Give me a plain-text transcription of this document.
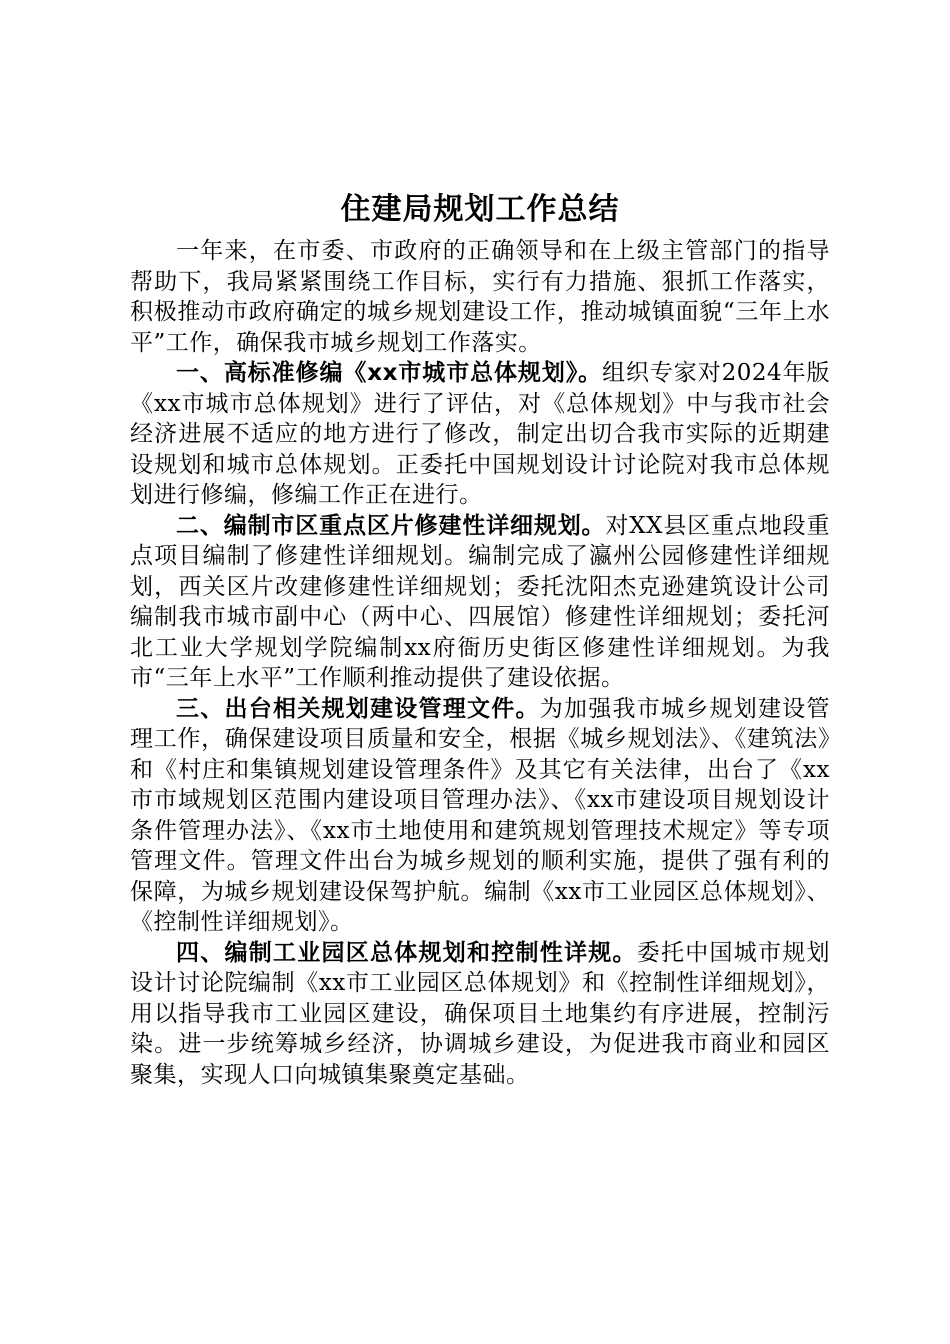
住建局规划工作总结

一年来，在市委、市政府的正确领导和在上级主管部门的指导帮助下，我局紧紧围绕工作目标，实行有力措施、狠抓工作落实，积极推动市政府确定的城乡规划建设工作，推动城镇面貌“三年上水平”工作，确保我市城乡规划工作落实。

一、高标准修编《xx市城市总体规划》。组织专家对2024年版《xx市城市总体规划》进行了评估，对《总体规划》中与我市社会经济进展不适应的地方进行了修改，制定出切合我市实际的近期建设规划和城市总体规划。正委托中国规划设计讨论院对我市总体规划进行修编，修编工作正在进行。

二、编制市区重点区片修建性详细规划。对XX县区重点地段重点项目编制了修建性详细规划。编制完成了瀛州公园修建性详细规划，西关区片改建修建性详细规划；委托沈阳杰克逊建筑设计公司编制我市城市副中心（两中心、四展馆）修建性详细规划；委托河北工业大学规划学院编制xx府衙历史街区修建性详细规划。为我市“三年上水平”工作顺利推动提供了建设依据。

三、出台相关规划建设管理文件。为加强我市城乡规划建设管理工作，确保建设项目质量和安全，根据《城乡规划法》、《建筑法》和《村庄和集镇规划建设管理条件》及其它有关法律，出台了《xx市市域规划区范围内建设项目管理办法》、《xx市建设项目规划设计条件管理办法》、《xx市土地使用和建筑规划管理技术规定》等专项管理文件。管理文件出台为城乡规划的顺利实施，提供了强有利的保障，为城乡规划建设保驾护航。编制《xx市工业园区总体规划》、《控制性详细规划》。

四、编制工业园区总体规划和控制性详规。委托中国城市规划设计讨论院编制《xx市工业园区总体规划》和《控制性详细规划》，用以指导我市工业园区建设，确保项目土地集约有序进展，控制污染。进一步统筹城乡经济，协调城乡建设，为促进我市商业和园区聚集，实现人口向城镇集聚奠定基础。
